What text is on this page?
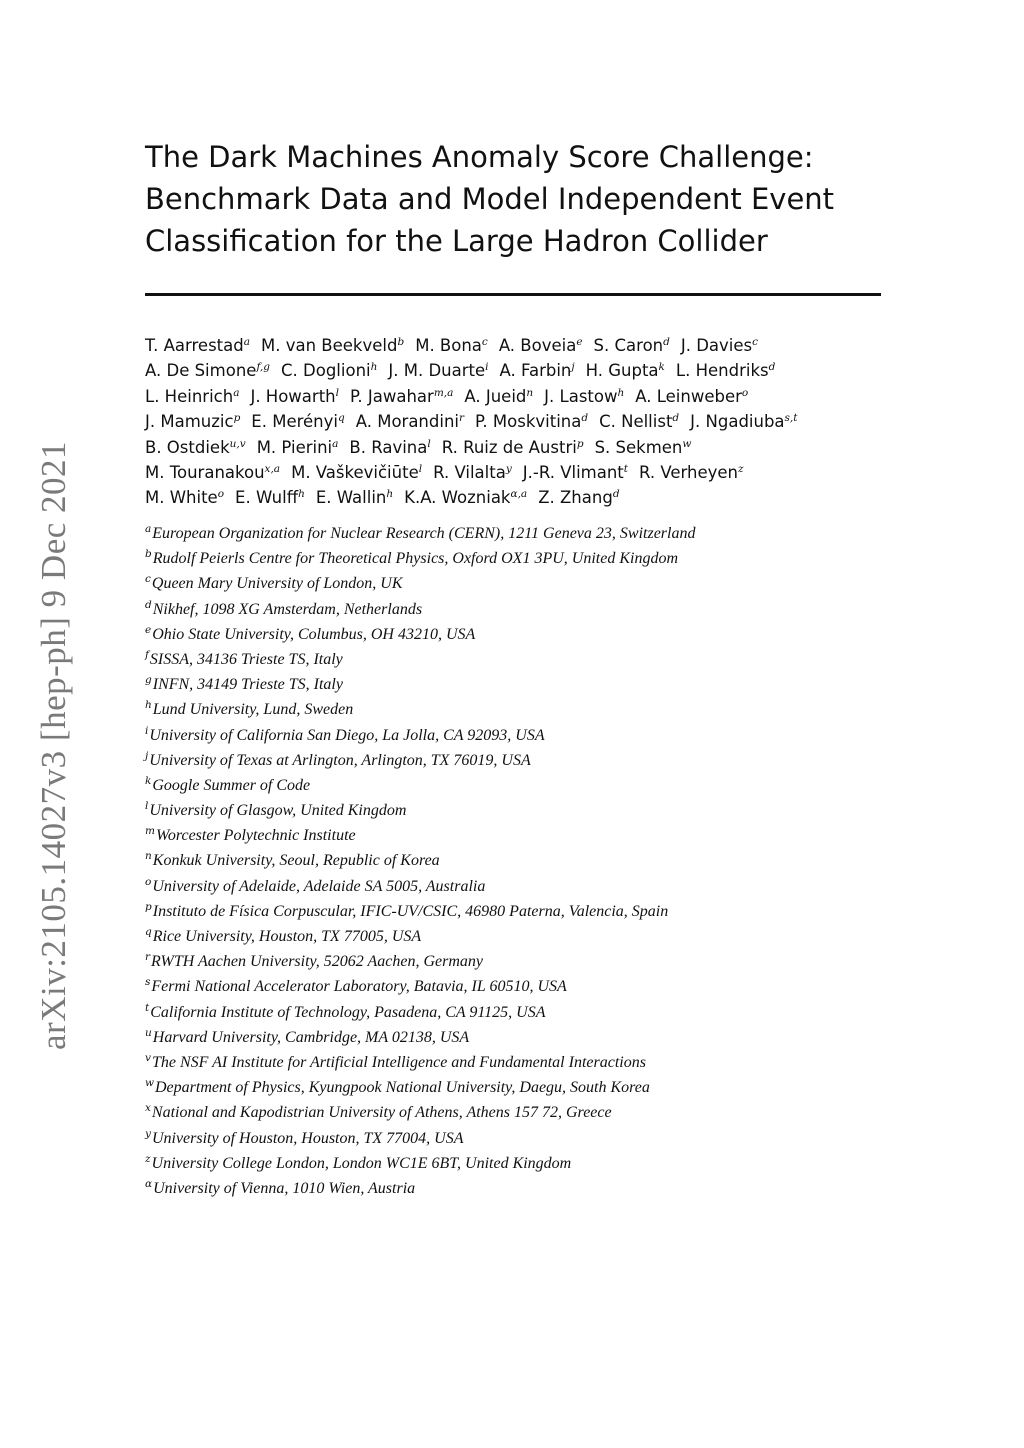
arXiv:2105.14027v3 [hep-ph] 9 Dec 2021
The Dark Machines Anomaly Score Challenge:
Benchmark Data and Model Independent Event
Classification for the Large Hadron Collider
T. Aarrestad$^a$ M. van Beekveld$^b$ M. Bona$^c$ A. Boveia$^e$ S. Caron$^d$ J. Davies$^c$
A. De Simone$^{f,g}$ C. Doglioni$^h$ J. M. Duarte$^i$ A. Farbin$^j$ H. Gupta$^k$ L. Hendriks$^d$
L. Heinrich$^a$ J. Howarth$^l$ P. Jawahar$^{m,a}$ A. Jueid$^n$ J. Lastow$^h$ A. Leinweber$^o$
J. Mamuzic$^p$ E. Merényi$^q$ A. Morandini$^r$ P. Moskvitina$^d$ C. Nellist$^d$ J. Ngadiuba$^{s,t}$
B. Ostdiek$^{u,v}$ M. Pierini$^a$ B. Ravina$^l$ R. Ruiz de Austri$^p$ S. Sekmen$^w$
M. Touranakou$^{x,a}$ M. Vaškevičiūte$^l$ R. Vilalta$^y$ J.-R. Vlimant$^t$ R. Verheyen$^z$
M. White$^o$ E. Wulff$^h$ E. Wallin$^h$ K.A. Wozniak$^{\alpha,a}$ Z. Zhang$^d$
$^a$European Organization for Nuclear Research (CERN), 1211 Geneva 23, Switzerland
$^b$Rudolf Peierls Centre for Theoretical Physics, Oxford OX1 3PU, United Kingdom
$^c$Queen Mary University of London, UK
$^d$Nikhef, 1098 XG Amsterdam, Netherlands
$^e$Ohio State University, Columbus, OH 43210, USA
$^f$SISSA, 34136 Trieste TS, Italy
$^g$INFN, 34149 Trieste TS, Italy
$^h$Lund University, Lund, Sweden
$^i$University of California San Diego, La Jolla, CA 92093, USA
$^j$University of Texas at Arlington, Arlington, TX 76019, USA
$^k$Google Summer of Code
$^l$University of Glasgow, United Kingdom
$^m$Worcester Polytechnic Institute
$^n$Konkuk University, Seoul, Republic of Korea
$^o$University of Adelaide, Adelaide SA 5005, Australia
$^p$Instituto de Física Corpuscular, IFIC-UV/CSIC, 46980 Paterna, Valencia, Spain
$^q$Rice University, Houston, TX 77005, USA
$^r$RWTH Aachen University, 52062 Aachen, Germany
$^s$Fermi National Accelerator Laboratory, Batavia, IL 60510, USA
$^t$California Institute of Technology, Pasadena, CA 91125, USA
$^u$Harvard University, Cambridge, MA 02138, USA
$^v$The NSF AI Institute for Artificial Intelligence and Fundamental Interactions
$^w$Department of Physics, Kyungpook National University, Daegu, South Korea
$^x$National and Kapodistrian University of Athens, Athens 157 72, Greece
$^y$University of Houston, Houston, TX 77004, USA
$^z$University College London, London WC1E 6BT, United Kingdom
$^\alpha$University of Vienna, 1010 Wien, Austria
